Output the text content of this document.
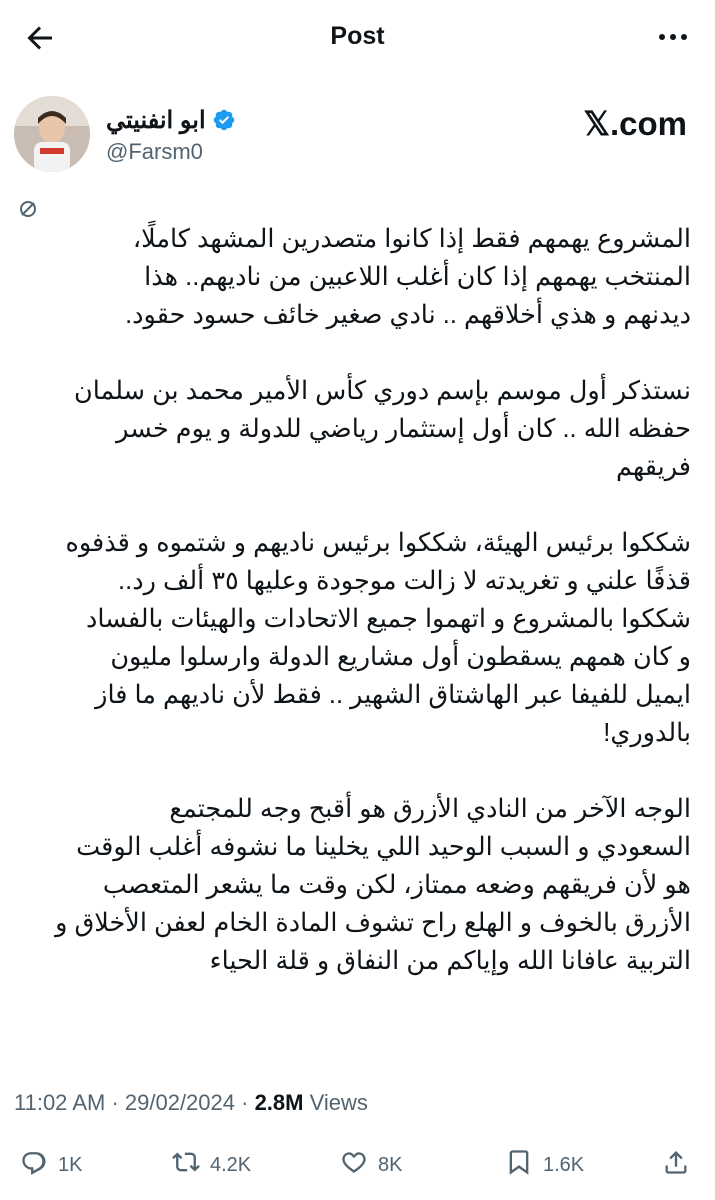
Post
ابو انفنيتي
@Farsm0
𝕏.com
المشروع يهمهم فقط إذا كانوا متصدرين المشهد كاملًا،
المنتخب يهمهم إذا كان أغلب اللاعبين من ناديهم.. هذا
ديدنهم و هذي أخلاقهم .. نادي صغير خائف حسود حقود.

نستذكر أول موسم بإسم دوري كأس الأمير محمد بن سلمان
حفظه الله .. كان أول إستثمار رياضي للدولة و يوم خسر
فريقهم

شككوا برئيس الهيئة، شككوا برئيس ناديهم و شتموه و قذفوه
قذفًا علني و تغريدته لا زالت موجودة وعليها ٣٥ ألف رد..
شككوا بالمشروع و اتهموا جميع الاتحادات والهيئات بالفساد
و كان همهم يسقطون أول مشاريع الدولة وارسلوا مليون
ايميل للفيفا عبر الهاشتاق الشهير .. فقط لأن ناديهم ما فاز
بالدوري!

الوجه الآخر من النادي الأزرق هو أقبح وجه للمجتمع
السعودي و السبب الوحيد اللي يخلينا ما نشوفه أغلب الوقت
هو لأن فريقهم وضعه ممتاز، لكن وقت ما يشعر المتعصب
الأزرق بالخوف و الهلع راح تشوف المادة الخام لعفن الأخلاق و
التربية عافانا الله وإياكم من النفاق و قلة الحياء
11:02 AM · 29/02/2024 · 2.8M Views
1K	4.2K	8K	1.6K
